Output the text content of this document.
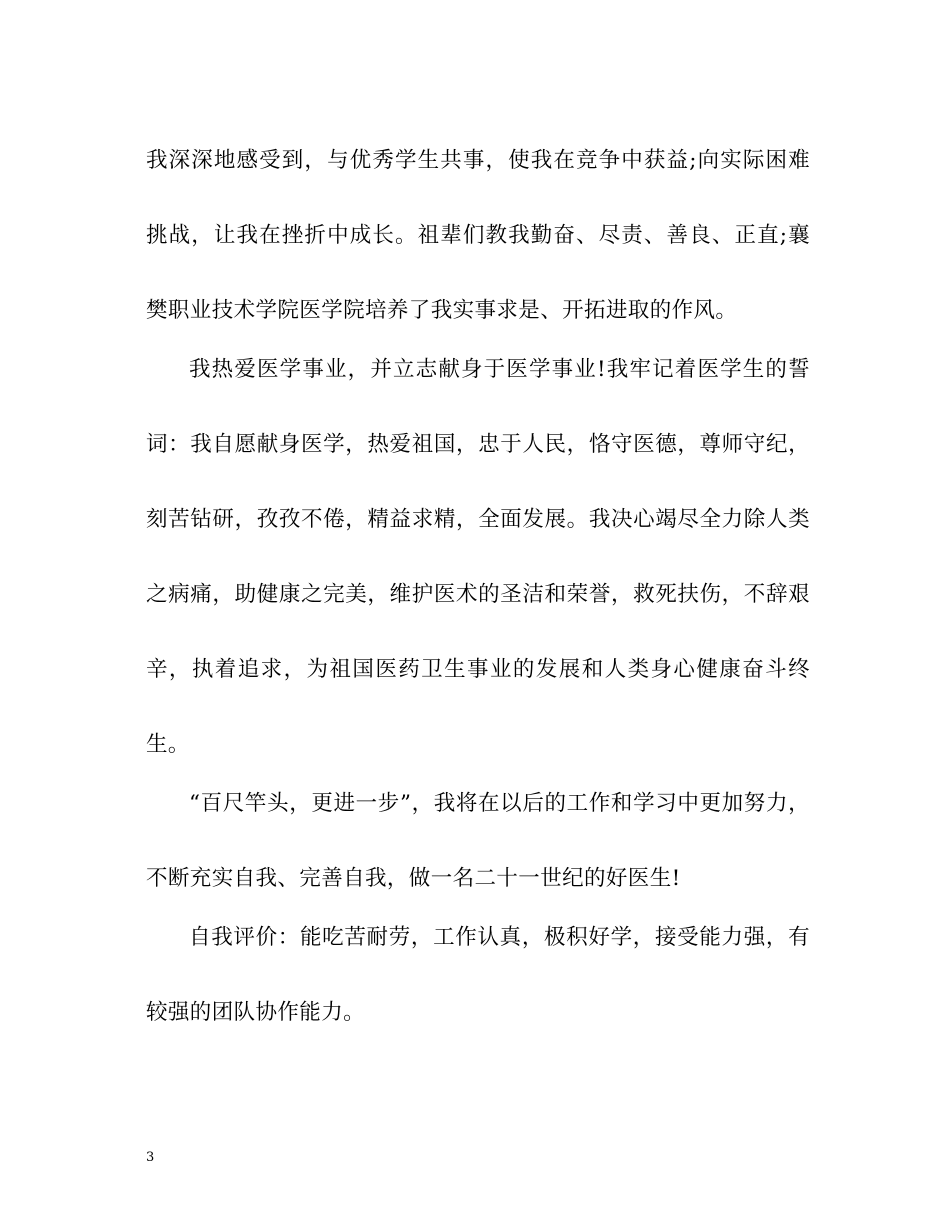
我深深地感受到，与优秀学生共事，使我在竞争中获益;向实际困难挑战，让我在挫折中成长。祖辈们教我勤奋、尽责、善良、正直;襄樊职业技术学院医学院培养了我实事求是、开拓进取的作风。

我热爱医学事业，并立志献身于医学事业!我牢记着医学生的誓词：我自愿献身医学，热爱祖国，忠于人民，恪守医德，尊师守纪，刻苦钻研，孜孜不倦，精益求精，全面发展。我决心竭尽全力除人类之病痛，助健康之完美，维护医术的圣洁和荣誉，救死扶伤，不辞艰辛，执着追求，为祖国医药卫生事业的发展和人类身心健康奋斗终生。

“百尺竿头，更进一步”，我将在以后的工作和学习中更加努力，不断充实自我、完善自我，做一名二十一世纪的好医生!

自我评价：能吃苦耐劳，工作认真，极积好学，接受能力强，有较强的团队协作能力。

3
